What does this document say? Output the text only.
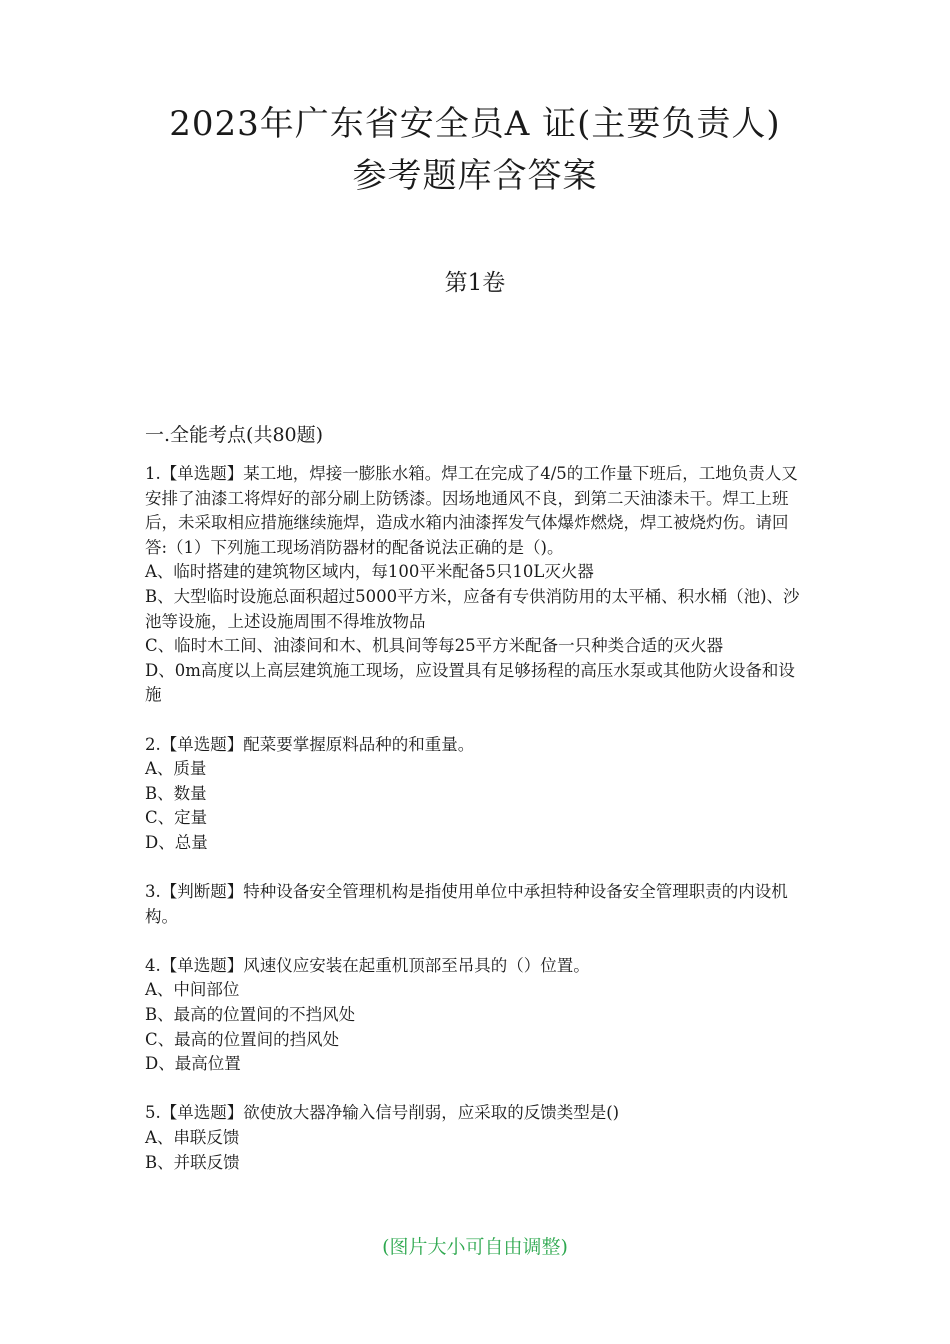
2023年广东省安全员A 证(主要负责人)
参考题库含答案
第1卷
一.全能考点(共80题)

1.【单选题】某工地，焊接一膨胀水箱。焊工在完成了4/5的工作量下班后，工地负责人又安排了油漆工将焊好的部分刷上防锈漆。因场地通风不良，到第二天油漆未干。焊工上班后，未采取相应措施继续施焊，造成水箱内油漆挥发气体爆炸燃烧，焊工被烧灼伤。请回答:（1）下列施工现场消防器材的配备说法正确的是（)。

A、临时搭建的建筑物区域内，每100平米配备5只10L灭火器

B、大型临时设施总面积超过5000平方米，应备有专供消防用的太平桶、积水桶（池)、沙池等设施，上述设施周围不得堆放物品

C、临时木工间、油漆间和木、机具间等每25平方米配备一只种类合适的灭火器

D、0m高度以上高层建筑施工现场，应设置具有足够扬程的高压水泵或其他防火设备和设施

2.【单选题】配菜要掌握原料品种的和重量。

A、质量

B、数量

C、定量

D、总量

3.【判断题】特种设备安全管理机构是指使用单位中承担特种设备安全管理职责的内设机构。

4.【单选题】风速仪应安装在起重机顶部至吊具的（）位置。

A、中间部位

B、最高的位置间的不挡风处

C、最高的位置间的挡风处

D、最高位置

5.【单选题】欲使放大器净输入信号削弱，应采取的反馈类型是()

A、串联反馈

B、并联反馈

(图片大小可自由调整)
